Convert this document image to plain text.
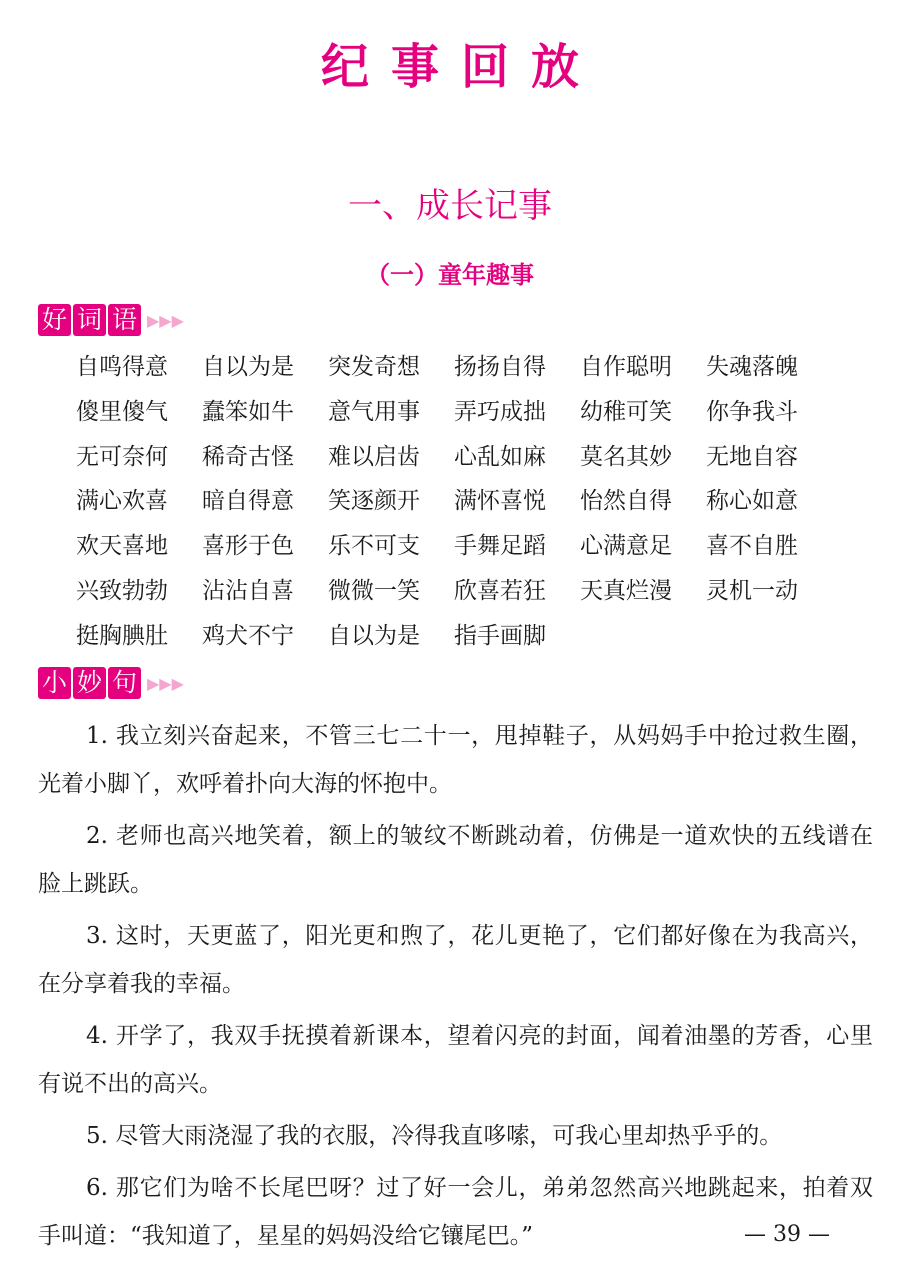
纪事回放
一、成长记事
（一）童年趣事
好 词 语 ▶▶▶
自鸣得意	自以为是	突发奇想	扬扬自得	自作聪明	失魂落魄
傻里傻气	蠢笨如牛	意气用事	弄巧成拙	幼稚可笑	你争我斗
无可奈何	稀奇古怪	难以启齿	心乱如麻	莫名其妙	无地自容
满心欢喜	暗自得意	笑逐颜开	满怀喜悦	怡然自得	称心如意
欢天喜地	喜形于色	乐不可支	手舞足蹈	心满意足	喜不自胜
兴致勃勃	沾沾自喜	微微一笑	欣喜若狂	天真烂漫	灵机一动
挺胸腆肚	鸡犬不宁	自以为是	指手画脚
小 妙 句 ▶▶▶

1. 我立刻兴奋起来，不管三七二十一，甩掉鞋子，从妈妈手中抢过救生圈，光着小脚丫，欢呼着扑向大海的怀抱中。

2. 老师也高兴地笑着，额上的皱纹不断跳动着，仿佛是一道欢快的五线谱在脸上跳跃。

3. 这时，天更蓝了，阳光更和煦了，花儿更艳了，它们都好像在为我高兴，在分享着我的幸福。

4. 开学了，我双手抚摸着新课本，望着闪亮的封面，闻着油墨的芳香，心里有说不出的高兴。

5. 尽管大雨浇湿了我的衣服，冷得我直哆嗦，可我心里却热乎乎的。

6. 那它们为啥不长尾巴呀？过了好一会儿，弟弟忽然高兴地跳起来，拍着双手叫道：“我知道了，星星的妈妈没给它镶尾巴。”	— 39 —
